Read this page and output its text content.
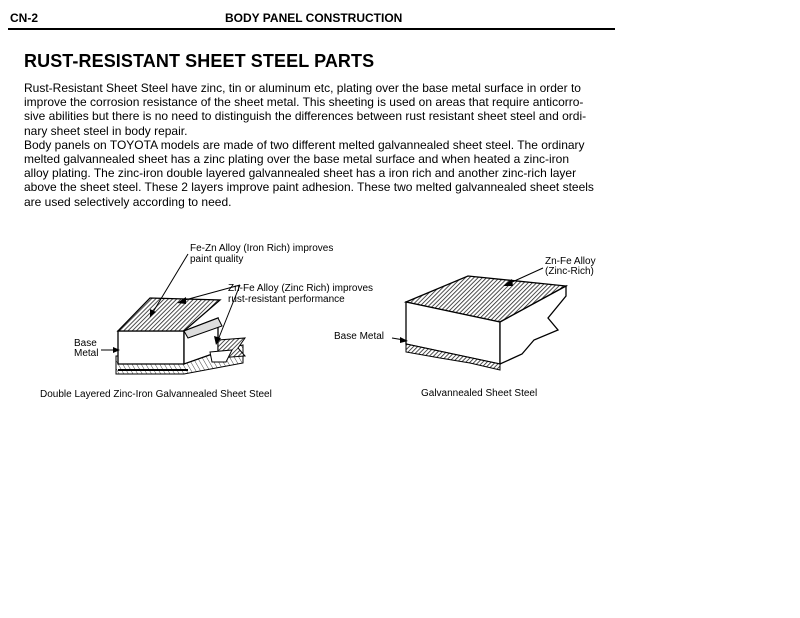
CN-2	BODY PANEL CONSTRUCTION
RUST-RESISTANT SHEET STEEL PARTS
Rust-Resistant Sheet Steel have zinc, tin or aluminum etc, plating over the base metal surface in order to
improve the corrosion resistance of the sheet metal. This sheeting is used on areas that require anticorro-
sive abilities but there is no need to distinguish the differences between rust resistant sheet steel and ordi-
nary sheet steel in body repair.
Body panels on TOYOTA models are made of two different melted galvannealed sheet steel. The ordinary
melted galvannealed sheet has a zinc plating over the base metal surface and when heated a zinc-iron
alloy plating. The zinc-iron double layered galvannealed sheet has a iron rich and another zinc-rich layer
above the sheet steel. These 2 layers improve paint adhesion. These two melted galvannealed sheet steels
are used selectively according to need.
Fe-Zn Alloy (Iron Rich) improves
paint quality
Zn-Fe Alloy (Zinc Rich) improves
rust-resistant performance
Base
Metal
Double Layered Zinc-Iron Galvannealed Sheet Steel
Zn-Fe Alloy
(Zinc-Rich)
Base Metal
Galvannealed Sheet Steel
